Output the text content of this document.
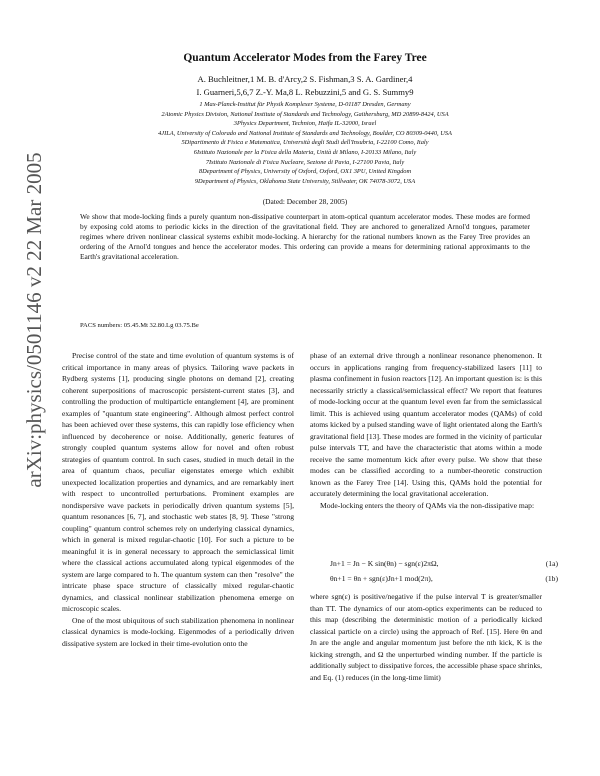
arXiv:physics/0501146 v2 22 Mar 2005
Quantum Accelerator Modes from the Farey Tree
A. Buchleitner,1 M. B. d'Arcy,2 S. Fishman,3 S. A. Gardiner,4
I. Guarneri,5,6,7 Z.-Y. Ma,8 L. Rebuzzini,5 and G. S. Summy9
1 Max-Planck-Institut für Physik Komplexer Systeme, D-01187 Dresden, Germany
2Atomic Physics Division, National Institute of Standards and Technology, Gaithersburg, MD 20899-8424, USA
3Physics Department, Technion, Haifa IL-32000, Israel
4JILA, University of Colorado and National Institute of Standards and Technology, Boulder, CO 80309-0440, USA
5Dipartimento di Fisica e Matematica, Università degli Studi dell'Insubria, I-22100 Como, Italy
6Istituto Nazionale per la Fisica della Materia, Unità di Milano, I-20133 Milano, Italy
7Istituto Nazionale di Fisica Nucleare, Sezione di Pavia, I-27100 Pavia, Italy
8Department of Physics, University of Oxford, Oxford, OX1 3PU, United Kingdom
9Department of Physics, Oklahoma State University, Stillwater, OK 74078-3072, USA
(Dated: December 28, 2005)
We show that mode-locking finds a purely quantum non-dissipative counterpart in atom-optical quantum accelerator modes. These modes are formed by exposing cold atoms to periodic kicks in the direction of the gravitational field. They are anchored to generalized Arnol'd tongues, parameter regimes where driven nonlinear classical systems exhibit mode-locking. A hierarchy for the rational numbers known as the Farey Tree provides an ordering of the Arnol'd tongues and hence the accelerator modes. This ordering can provide a means for determining rational approximants to the Earth's gravitational acceleration.
PACS numbers: 05.45.Mt 32.80.Lg 03.75.Be

Precise control of the state and time evolution of quantum systems is of critical importance in many areas of physics. Tailoring wave packets in Rydberg systems [1], producing single photons on demand [2], creating coherent superpositions of macroscopic persistent-current states [3], and controlling the production of multiparticle entanglement [4], are prominent examples of "quantum state engineering". Although almost perfect control has been achieved over these systems, this can rapidly lose efficiency when influenced by decoherence or noise. Additionally, generic features of strongly coupled quantum systems allow for novel and often robust strategies of quantum control. In such cases, studied in much detail in the area of quantum chaos, peculiar eigenstates emerge which exhibit unexpected localization properties and dynamics, and are remarkably inert with respect to uncontrolled perturbations. Prominent examples are nondispersive wave packets in periodically driven quantum systems [5], quantum resonances [6, 7], and stochastic web states [8, 9]. These "strong coupling" quantum control schemes rely on underlying classical dynamics, which in general is mixed regular-chaotic [10]. For such a picture to be meaningful it is in general necessary to approach the semiclassical limit where the classical actions accumulated along typical eigenmodes of the system are large compared to ħ. The quantum system can then "resolve" the intricate phase space structure of classically mixed regular-chaotic dynamics, and classical nonlinear stabilization phenomena emerge on microscopic scales.

One of the most ubiquitous of such stabilization phenomena in nonlinear classical dynamics is mode-locking. Eigenmodes of a periodically driven dissipative system are locked in their time-evolution onto the

phase of an external drive through a nonlinear resonance phenomenon. It occurs in applications ranging from frequency-stabilized lasers [11] to plasma confinement in fusion reactors [12]. An important question is: is this necessarily strictly a classical/semiclassical effect? We report that features of mode-locking occur at the quantum level even far from the semiclassical limit. This is achieved using quantum accelerator modes (QAMs) of cold atoms kicked by a pulsed standing wave of light orientated along the Earth's gravitational field [13]. These modes are formed in the vicinity of particular pulse intervals TT, and have the characteristic that atoms within a mode receive the same momentum kick after every pulse. We show that these modes can be classified according to a number-theoretic construction known as the Farey Tree [14]. Using this, QAMs hold the potential for accurately determining the local gravitational acceleration.

Mode-locking enters the theory of QAMs via the non-dissipative map:

Jn+1 = Jn − K sin(θn) − sgn(ε)2πΩ,	(1a)
θn+1 = θn + sgn(ε)Jn+1 mod(2π),	(1b)

where sgn(ε) is positive/negative if the pulse interval T is greater/smaller than TT. The dynamics of our atom-optics experiments can be reduced to this map (describing the deterministic motion of a periodically kicked classical particle on a circle) using the approach of Ref. [15]. Here θn and Jn are the angle and angular momentum just before the nth kick, K is the kicking strength, and Ω the unperturbed winding number. If the particle is additionally subject to dissipative forces, the accessible phase space shrinks, and Eq. (1) reduces (in the long-time limit)
